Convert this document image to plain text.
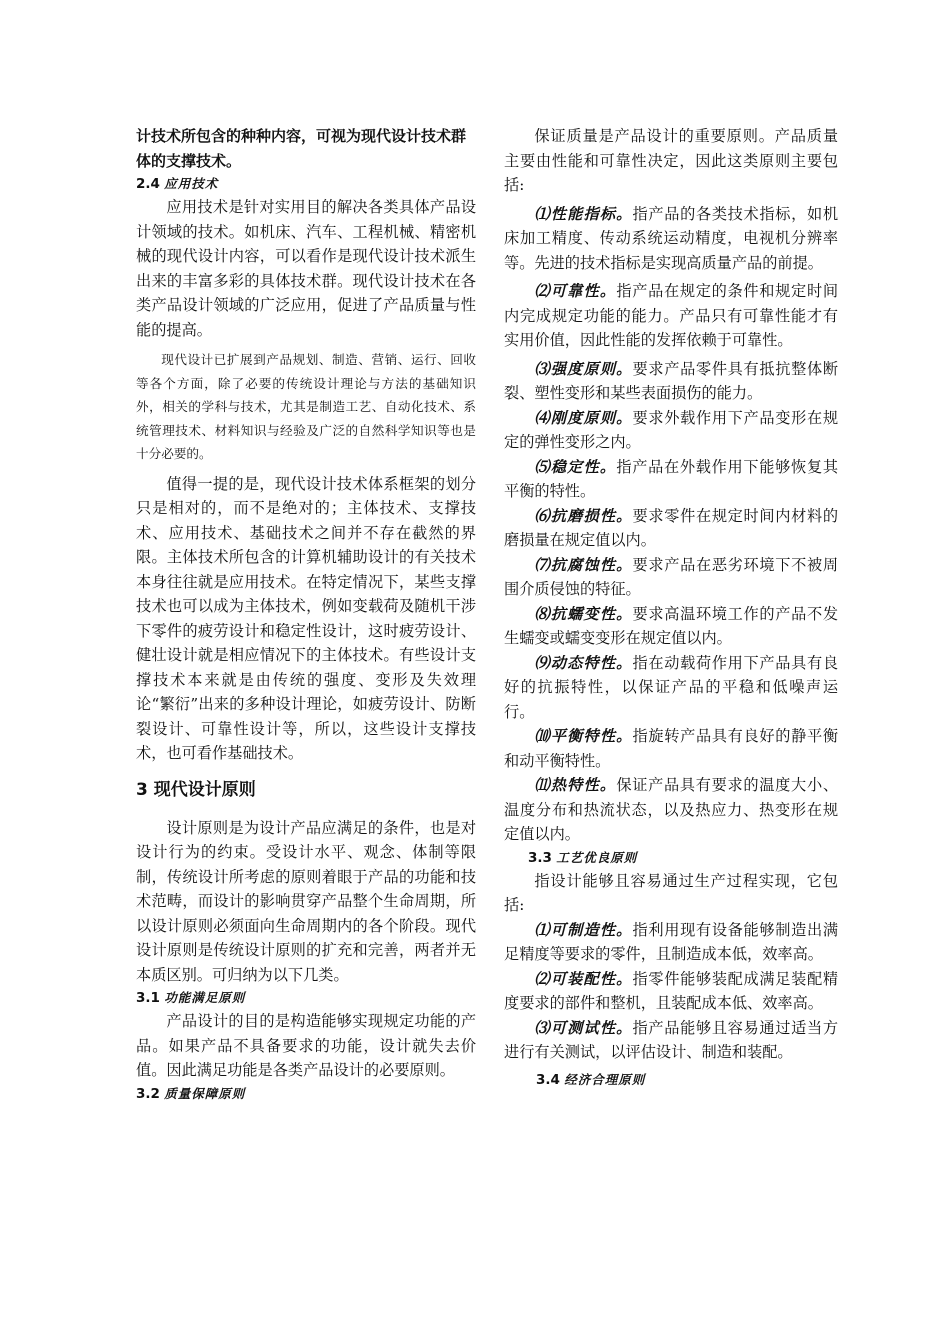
计技术所包含的种种内容，可视为现代设计技术群体的支撑技术。

2.4 应用技术

应用技术是针对实用目的解决各类具体产品设计领域的技术。如机床、汽车、工程机械、精密机械的现代设计内容，可以看作是现代设计技术派生出来的丰富多彩的具体技术群。现代设计技术在各类产品设计领域的广泛应用，促进了产品质量与性能的提高。

现代设计已扩展到产品规划、制造、营销、运行、回收等各个方面，除了必要的传统设计理论与方法的基础知识外，相关的学科与技术，尤其是制造工艺、自动化技术、系统管理技术、材料知识与经验及广泛的自然科学知识等也是十分必要的。

值得一提的是，现代设计技术体系框架的划分只是相对的，而不是绝对的；主体技术、支撑技术、应用技术、基础技术之间并不存在截然的界限。主体技术所包含的计算机辅助设计的有关技术本身往往就是应用技术。在特定情况下，某些支撑技术也可以成为主体技术，例如变载荷及随机干涉下零件的疲劳设计和稳定性设计，这时疲劳设计、健壮设计就是相应情况下的主体技术。有些设计支撑技术本来就是由传统的强度、变形及失效理论“繁衍”出来的多种设计理论，如疲劳设计、防断裂设计、可靠性设计等，所以，这些设计支撑技术，也可看作基础技术。

3 现代设计原则

设计原则是为设计产品应满足的条件，也是对设计行为的约束。受设计水平、观念、体制等限制，传统设计所考虑的原则着眼于产品的功能和技术范畴，而设计的影响贯穿产品整个生命周期，所以设计原则必须面向生命周期内的各个阶段。现代设计原则是传统设计原则的扩充和完善，两者并无本质区别。可归纳为以下几类。

3.1 功能满足原则

产品设计的目的是构造能够实现规定功能的产品。如果产品不具备要求的功能，设计就失去价值。因此满足功能是各类产品设计的必要原则。

3.2 质量保障原则

保证质量是产品设计的重要原则。产品质量主要由性能和可靠性决定，因此这类原则主要包括:

⑴性能指标。指产品的各类技术指标，如机床加工精度、传动系统运动精度，电视机分辨率等。先进的技术指标是实现高质量产品的前提。

⑵可靠性。指产品在规定的条件和规定时间内完成规定功能的能力。产品只有可靠性能才有实用价值，因此性能的发挥依赖于可靠性。

⑶强度原则。要求产品零件具有抵抗整体断裂、塑性变形和某些表面损伤的能力。

⑷刚度原则。要求外载作用下产品变形在规定的弹性变形之内。

⑸稳定性。指产品在外载作用下能够恢复其平衡的特性。

⑹抗磨损性。要求零件在规定时间内材料的磨损量在规定值以内。

⑺抗腐蚀性。要求产品在恶劣环境下不被周围介质侵蚀的特征。

⑻抗蠕变性。要求高温环境工作的产品不发生蠕变或蠕变变形在规定值以内。

⑼动态特性。指在动载荷作用下产品具有良好的抗振特性，以保证产品的平稳和低噪声运行。

⑽平衡特性。指旋转产品具有良好的静平衡和动平衡特性。

⑾热特性。保证产品具有要求的温度大小、温度分布和热流状态，以及热应力、热变形在规定值以内。

3.3 工艺优良原则

指设计能够且容易通过生产过程实现，它包括:

⑴可制造性。指利用现有设备能够制造出满足精度等要求的零件，且制造成本低，效率高。

⑵可装配性。指零件能够装配成满足装配精度要求的部件和整机，且装配成本低、效率高。

⑶可测试性。指产品能够且容易通过适当方进行有关测试，以评估设计、制造和装配。

3.4 经济合理原则
